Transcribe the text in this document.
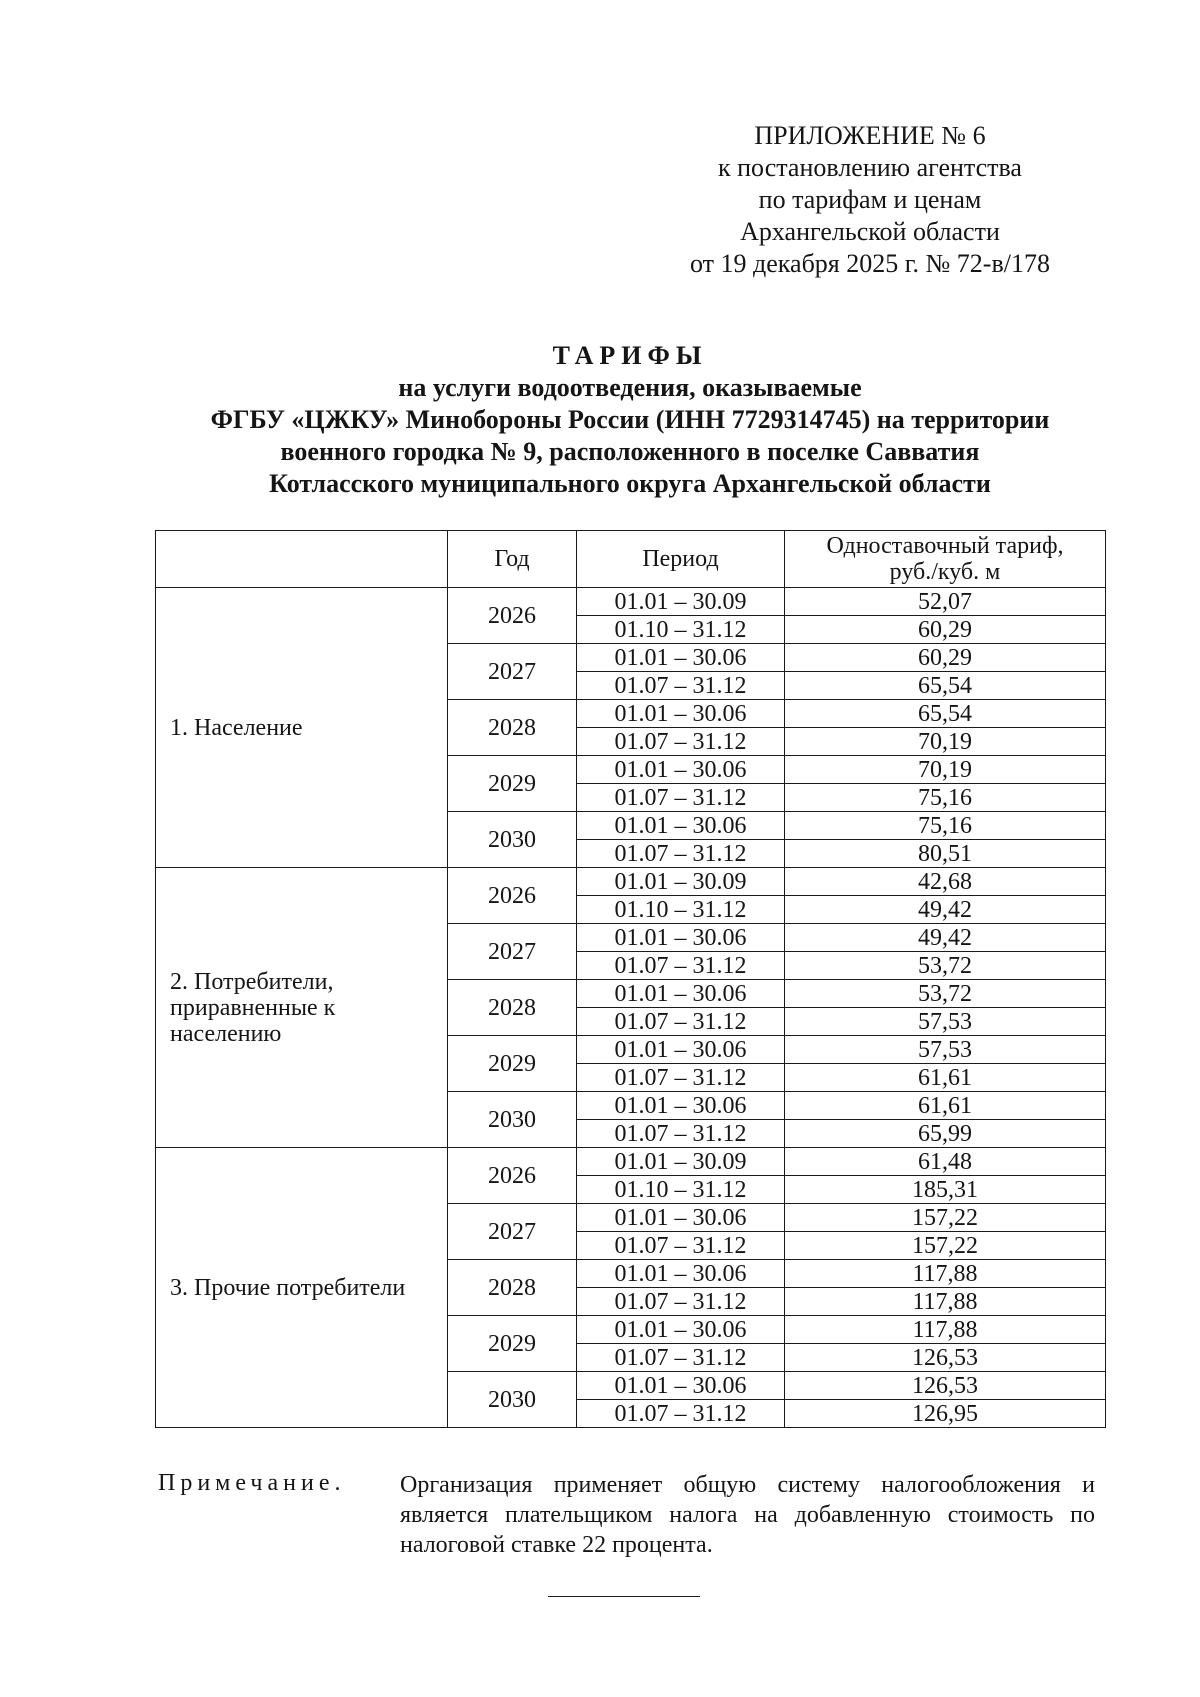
ПРИЛОЖЕНИЕ № 6
к постановлению агентства
по тарифам и ценам
Архангельской области
от 19 декабря 2025 г. № 72-в/178
ТАРИФЫ
на услуги водоотведения, оказываемые
ФГБУ «ЦЖКУ» Минобороны России (ИНН 7729314745) на территории
военного городка № 9, расположенного в поселке Савватия
Котласского муниципального округа Архангельской области
	Год	Период	Одноставочный тариф,
руб./куб. м

1. Население	2026	01.01 – 30.09	52,07
		01.10 – 31.12	60,29
	2027	01.01 – 30.06	60,29
		01.07 – 31.12	65,54
	2028	01.01 – 30.06	65,54
		01.07 – 31.12	70,19
	2029	01.01 – 30.06	70,19
		01.07 – 31.12	75,16
	2030	01.01 – 30.06	75,16
		01.07 – 31.12	80,51

2. Потребители,
приравненные к населению	2026	01.01 – 30.09	42,68
		01.10 – 31.12	49,42
	2027	01.01 – 30.06	49,42
		01.07 – 31.12	53,72
	2028	01.01 – 30.06	53,72
		01.07 – 31.12	57,53
	2029	01.01 – 30.06	57,53
		01.07 – 31.12	61,61
	2030	01.01 – 30.06	61,61
		01.07 – 31.12	65,99

3. Прочие потребители	2026	01.01 – 30.09	61,48
		01.10 – 31.12	185,31
	2027	01.01 – 30.06	157,22
		01.07 – 31.12	157,22
	2028	01.01 – 30.06	117,88
		01.07 – 31.12	117,88
	2029	01.01 – 30.06	117,88
		01.07 – 31.12	126,53
	2030	01.01 – 30.06	126,53
		01.07 – 31.12	126,95
Примечание. Организация применяет общую систему налогообложения и является плательщиком налога на добавленную стоимость по налоговой ставке 22 процента.
